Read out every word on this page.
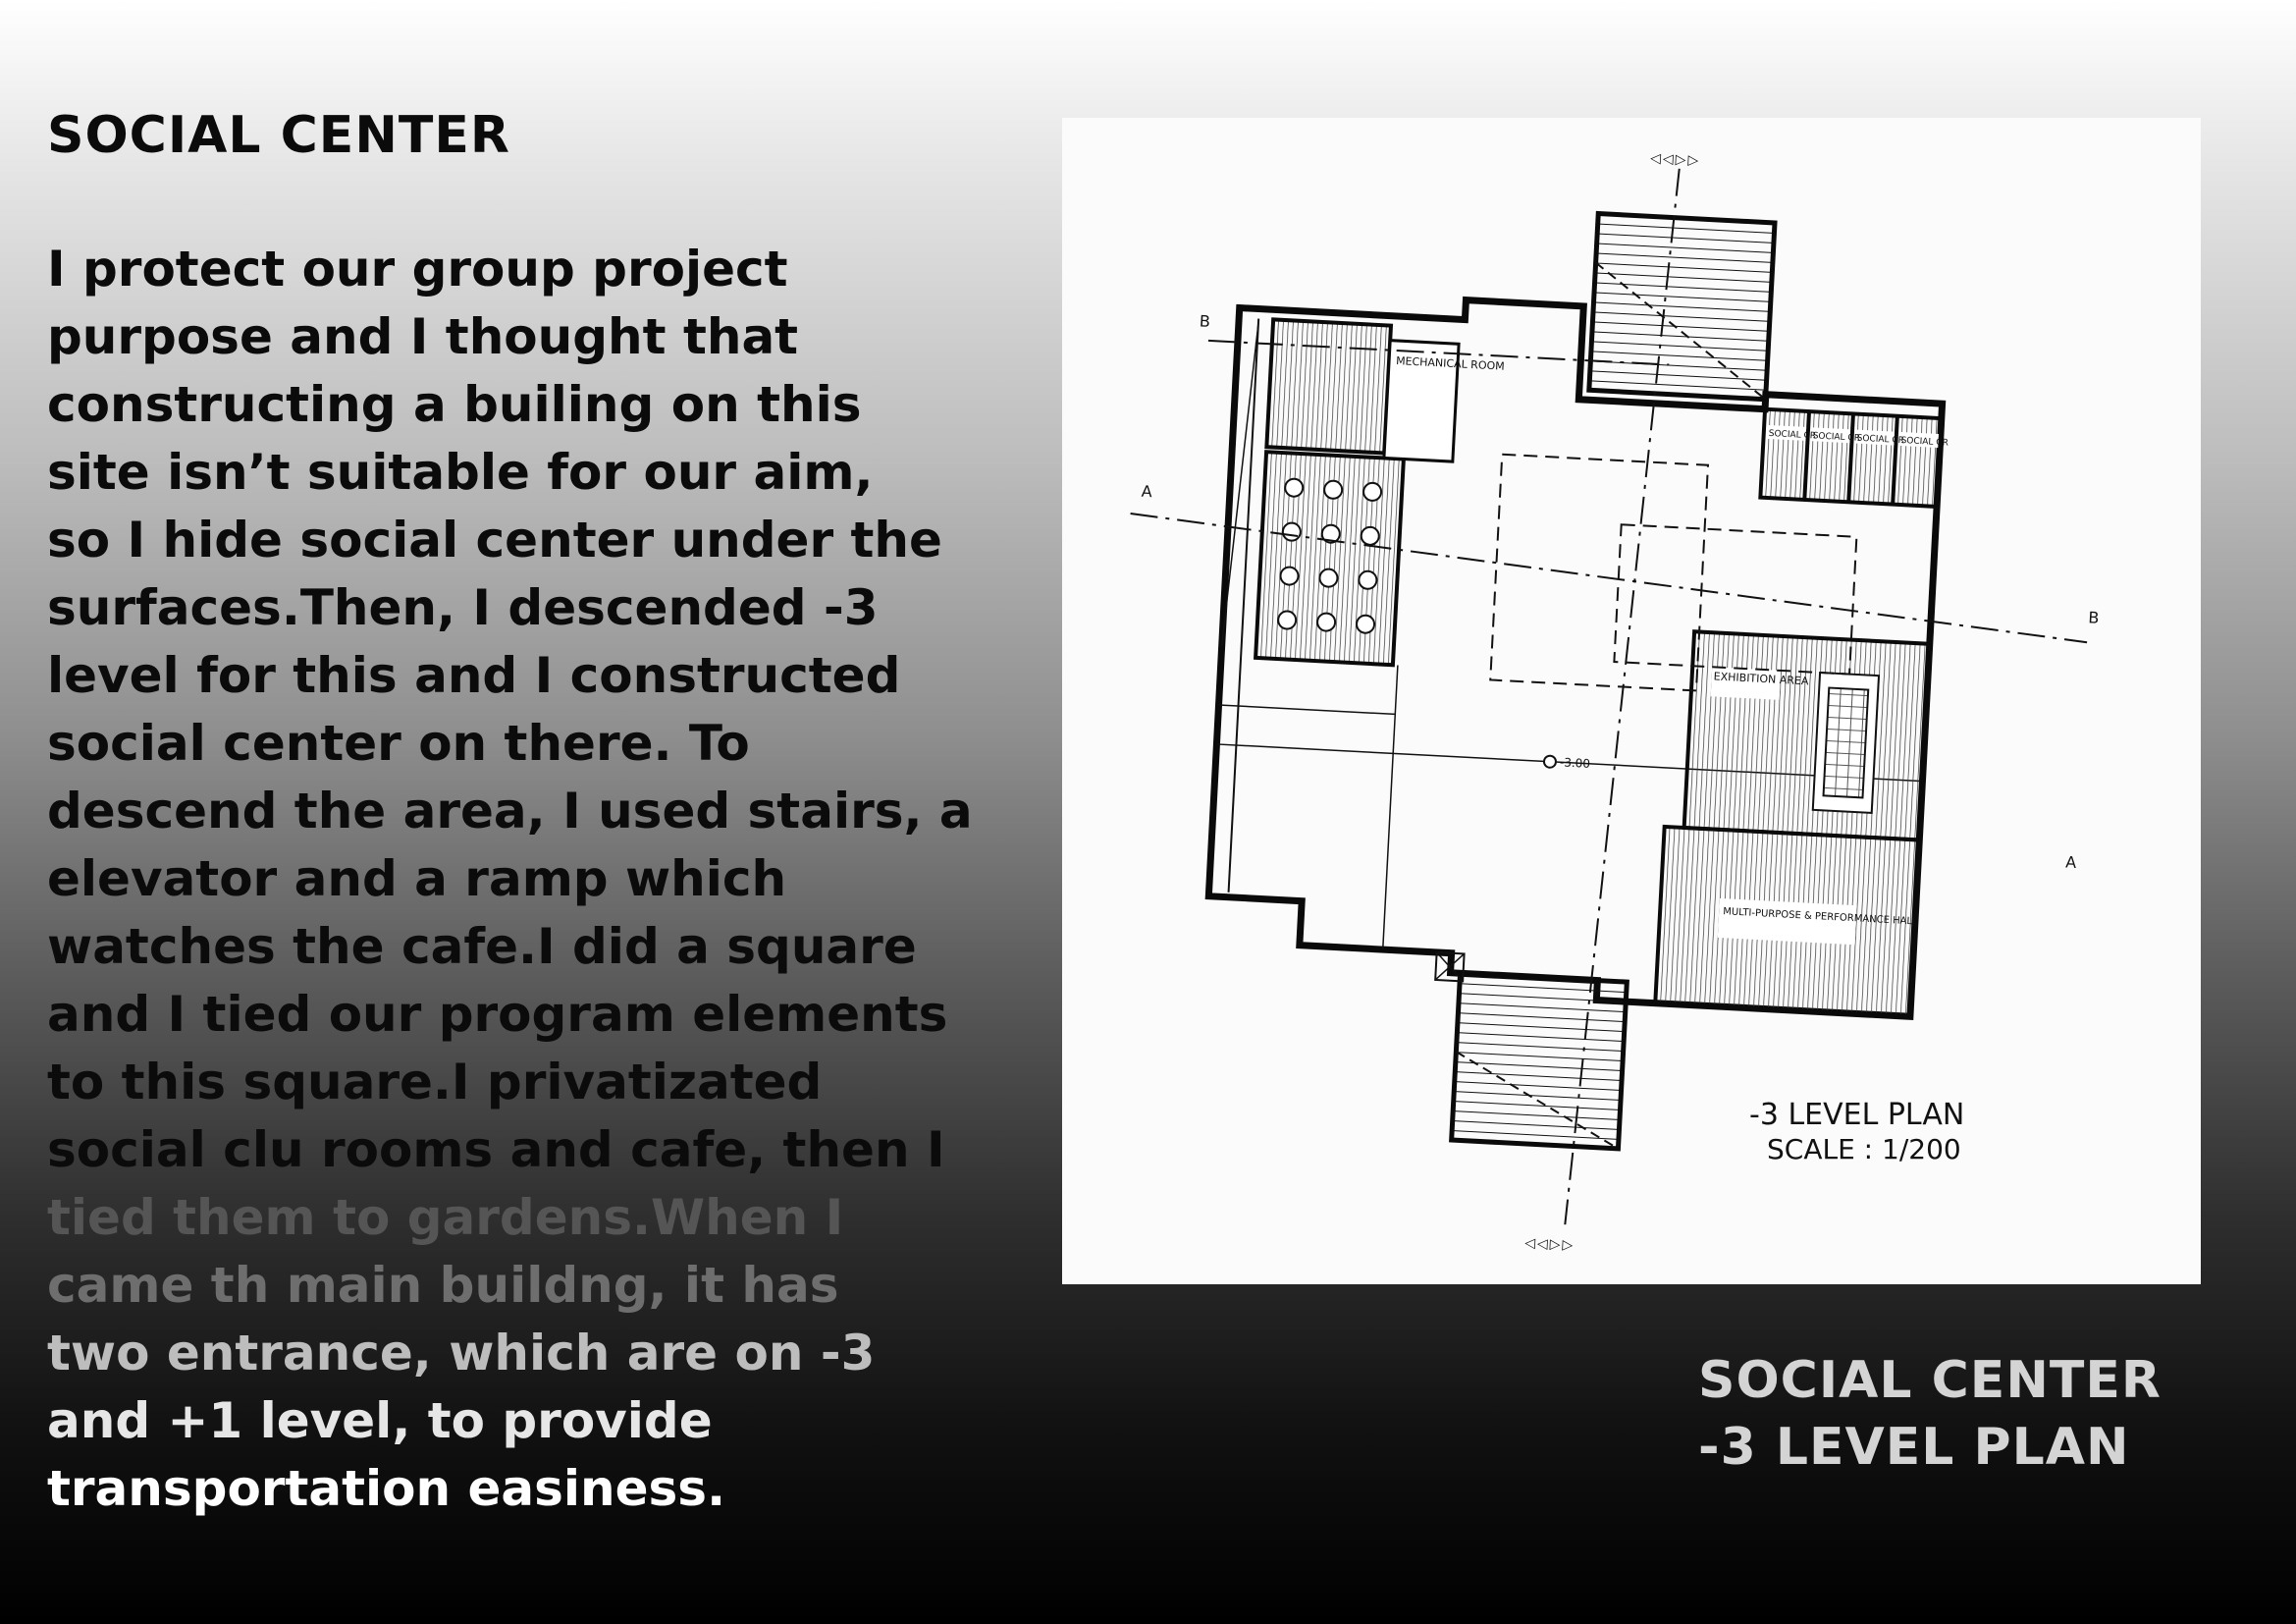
SOCIAL CENTER

I protect our group project
purpose and I thought that
constructing a builing on this
site isn’t suitable for our aim,
so I hide social center under the
surfaces.Then, I descended -3
level for this and I constructed
social center on there. To
descend the area, I used stairs, a
elevator and a ramp which
watches the cafe.I did a square
and I tied our program elements
to this square.I privatizated
social clu rooms and cafe, then I
tied them to gardens.When I
came th main buildng, it has
two entrance, which are on -3
and +1 level, to provide
transportation easiness.

MECHANICAL ROOM
SOCIAL CR
SOCIAL CR
SOCIAL CR
SOCIAL CR
EXHIBITION AREA
MULTI-PURPOSE & PERFORMANCE HALL
-3.00
B
A
B
A
◁◁▷▷
◁◁▷▷
-3 LEVEL PLAN
SCALE : 1/200
SOCIAL CENTER
-3 LEVEL PLAN
